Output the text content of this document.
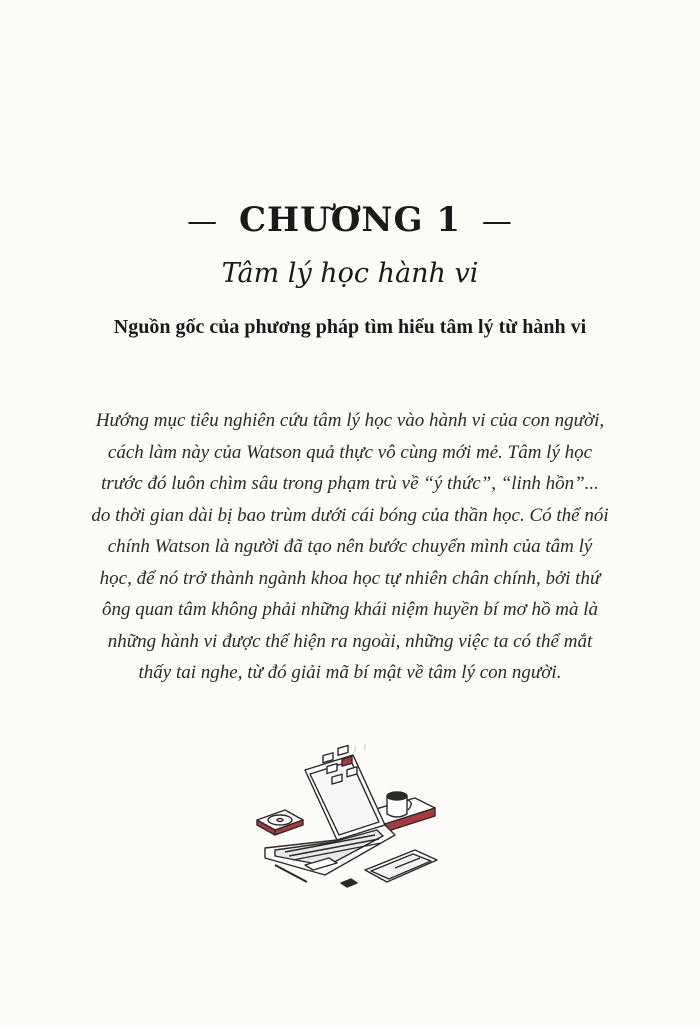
— CHƯƠNG 1 —
Tâm lý học hành vi
Nguồn gốc của phương pháp tìm hiểu tâm lý từ hành vi
Hướng mục tiêu nghiên cứu tâm lý học vào hành vi của con người,
cách làm này của Watson quả thực vô cùng mới mẻ. Tâm lý học
trước đó luôn chìm sâu trong phạm trù về “ý thức”, “linh hồn”...
do thời gian dài bị bao trùm dưới cái bóng của thần học. Có thể nói
chính Watson là người đã tạo nên bước chuyển mình của tâm lý
học, để nó trở thành ngành khoa học tự nhiên chân chính, bởi thứ
ông quan tâm không phải những khái niệm huyền bí mơ hồ mà là
những hành vi được thể hiện ra ngoài, những việc ta có thể mắt
thấy tai nghe, từ đó giải mã bí mật về tâm lý con người.
